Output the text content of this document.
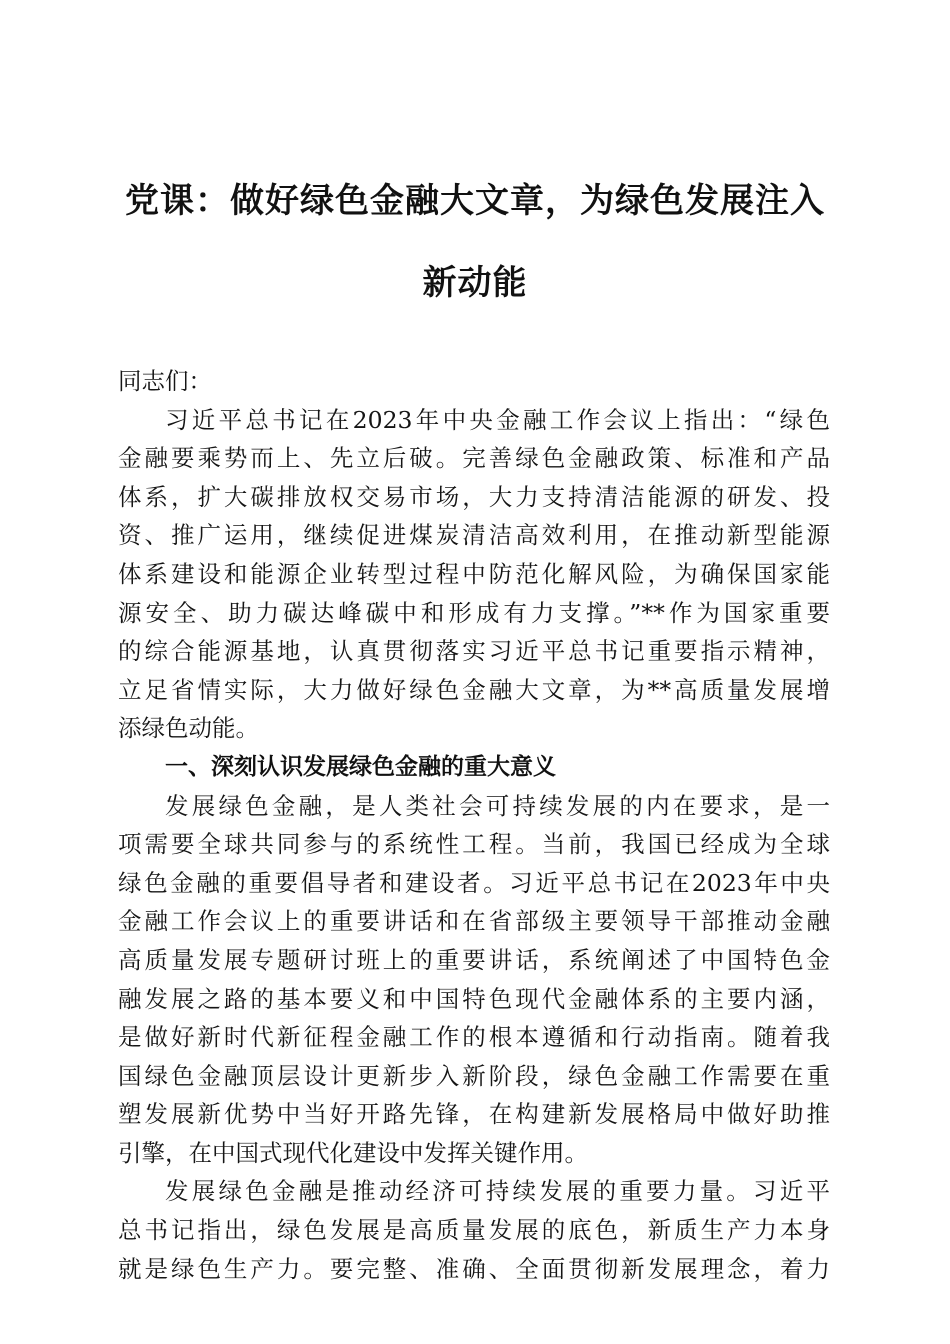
党课：做好绿色金融大文章，为绿色发展注入
新动能
同志们：
习近平总书记在2023年中央金融工作会议上指出：“绿色
金融要乘势而上、先立后破。完善绿色金融政策、标准和产品
体系，扩大碳排放权交易市场，大力支持清洁能源的研发、投
资、推广运用，继续促进煤炭清洁高效利用，在推动新型能源
体系建设和能源企业转型过程中防范化解风险，为确保国家能
源安全、助力碳达峰碳中和形成有力支撑。”**作为国家重要
的综合能源基地，认真贯彻落实习近平总书记重要指示精神，
立足省情实际，大力做好绿色金融大文章，为**高质量发展增
添绿色动能。
一、深刻认识发展绿色金融的重大意义
发展绿色金融，是人类社会可持续发展的内在要求，是一
项需要全球共同参与的系统性工程。当前，我国已经成为全球
绿色金融的重要倡导者和建设者。习近平总书记在2023年中央
金融工作会议上的重要讲话和在省部级主要领导干部推动金融
高质量发展专题研讨班上的重要讲话，系统阐述了中国特色金
融发展之路的基本要义和中国特色现代金融体系的主要内涵，
是做好新时代新征程金融工作的根本遵循和行动指南。随着我
国绿色金融顶层设计更新步入新阶段，绿色金融工作需要在重
塑发展新优势中当好开路先锋，在构建新发展格局中做好助推
引擎，在中国式现代化建设中发挥关键作用。
发展绿色金融是推动经济可持续发展的重要力量。习近平
总书记指出，绿色发展是高质量发展的底色，新质生产力本身
就是绿色生产力。要完整、准确、全面贯彻新发展理念，着力
